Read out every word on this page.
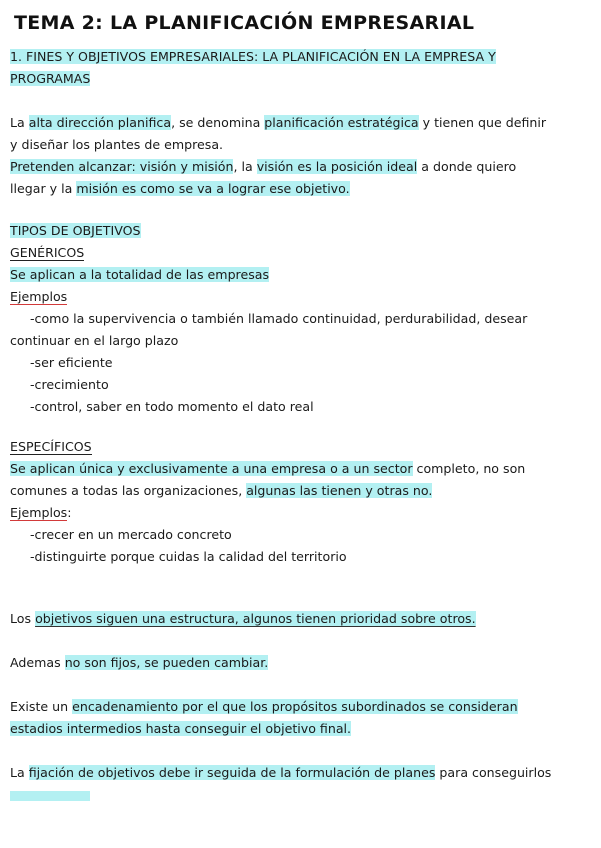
TEMA 2: LA PLANIFICACIÓN EMPRESARIAL
1. FINES Y OBJETIVOS EMPRESARIALES: LA PLANIFICACIÓN EN LA EMPRESA Y
PROGRAMAS
La alta dirección planifica, se denomina planificación estratégica y tienen que definir
y diseñar los plantes de empresa.
Pretenden alcanzar: visión y misión, la visión es la posición ideal a donde quiero
llegar y la misión es como se va a lograr ese objetivo.
TIPOS DE OBJETIVOS
GENÉRICOS
Se aplican a la totalidad de las empresas
Ejemplos

-como la supervivencia o también llamado continuidad, perdurabilidad, desear
continuar en el largo plazo

-ser eficiente
-crecimiento
-control, saber en todo momento el dato real
ESPECÍFICOS
Se aplican única y exclusivamente a una empresa o a un sector completo, no son
comunes a todas las organizaciones, algunas las tienen y otras no.
Ejemplos:

-crecer en un mercado concreto
-distinguirte porque cuidas la calidad del territorio
Los objetivos siguen una estructura, algunos tienen prioridad sobre otros.
Ademas no son fijos, se pueden cambiar.
Existe un encadenamiento por el que los propósitos subordinados se consideran
estadios intermedios hasta conseguir el objetivo final.
La fijación de objetivos debe ir seguida de la formulación de planes para conseguirlos
